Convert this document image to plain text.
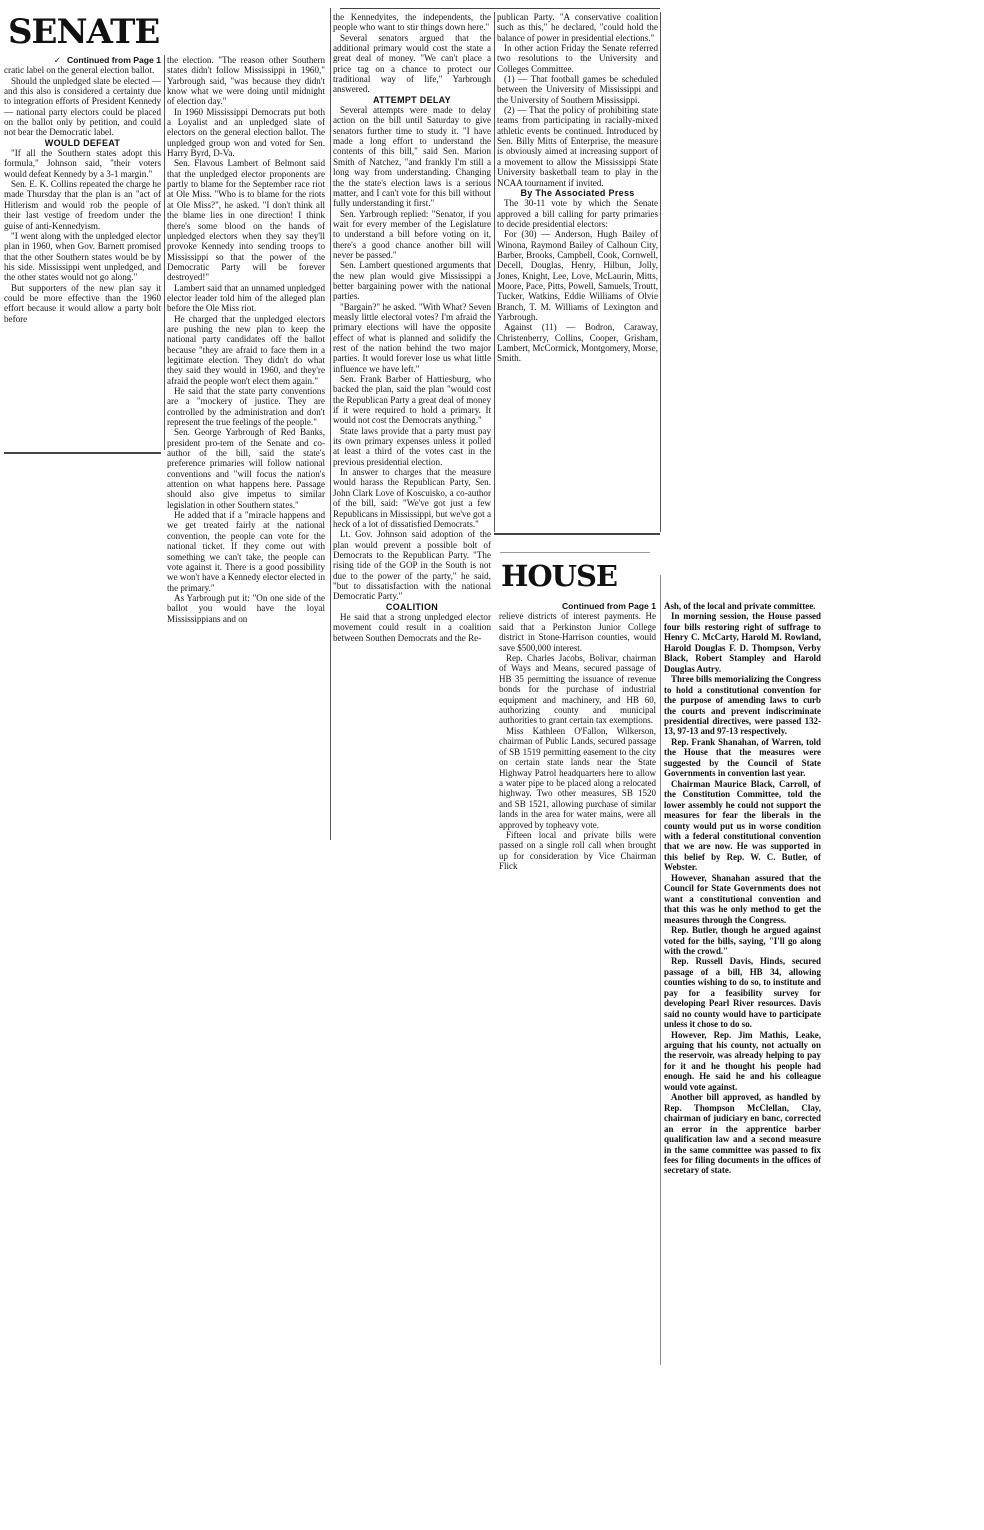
SENATE
✓ Continued from Page 1

cratic label on the general election ballot.

Should the unpledged slate be elected — and this also is considered a certainty due to integration efforts of President Kennedy — national party electors could be placed on the ballot only by petition, and could not bear the Democratic label.

WOULD DEFEAT

"If all the Southern states adopt this formula," Johnson said, "their voters would defeat Kennedy by a 3-1 margin."

Sen. E. K. Collins repeated the charge he made Thursday that the plan is an "act of Hitlerism and would rob the people of their last vestige of freedom under the guise of anti-Kennedyism.

"I went along with the unpledged elector plan in 1960, when Gov. Barnett promised that the other Southern states would be by his side. Mississippi went unpledged, and the other states would not go along."

But supporters of the new plan say it could be more effective than the 1960 effort because it would allow a party bolt before

the election. "The reason other Southern states didn't follow Mississippi in 1960," Yarbrough said, "was because they didn't know what we were doing until midnight of election day."

In 1960 Mississippi Democrats put both a Loyalist and an unpledged slate of electors on the general election ballot. The unpledged group won and voted for Sen. Harry Byrd, D-Va.

Sen. Flavous Lambert of Belmont said that the unpledged elector proponents are partly to blame for the September race riot at Ole Miss. "Who is to blame for the riots at Ole Miss?", he asked. "I don't think all the blame lies in one direction! I think there's some blood on the hands of unpledged electors when they say they'll provoke Kennedy into sending troops to Mississippi so that the power of the Democratic Party will be forever destroyed!"

Lambert said that an unnamed unpledged elector leader told him of the alleged plan before the Ole Miss riot.

He charged that the unpledged electors are pushing the new plan to keep the national party candidates off the ballot because "they are afraid to face them in a legitimate election. They didn't do what they said they would in 1960, and they're afraid the people won't elect them again."

He said that the state party conventions are a "mockery of justice. They are controlled by the administration and don't represent the true feelings of the people."

Sen. George Yarbrough of Red Banks, president pro-tem of the Senate and co-author of the bill, said the state's preference primaries will follow national conventions and "will focus the nation's attention on what happens here. Passage should also give impetus to similar legislation in other Southern states."

He added that if a "miracle happens and we get treated fairly at the national convention, the people can vote for the national ticket. If they come out with something we can't take, the people can vote against it. There is a good possibility we won't have a Kennedy elector elected in the primary."

As Yarbrough put it: "On one side of the ballot you would have the loyal Mississippians and on

the Kennedyites, the independents, the people who want to stir things down here."

Several senators argued that the additional primary would cost the state a great deal of money. "We can't place a price tag on a chance to protect our traditional way of life," Yarbrough answered.

ATTEMPT DELAY

Several attempts were made to delay action on the bill until Saturday to give senators further time to study it. "I have made a long effort to understand the contents of this bill," said Sen. Marion Smith of Natchez, "and frankly I'm still a long way from understanding. Changing the the state's election laws is a serious matter, and I can't vote for this bill without fully understanding it first."

Sen. Yarbrough replied: "Senator, if you wait for every member of the Legislature to understand a bill before voting on it, there's a good chance another bill will never be passed."

Sen. Lambert questioned arguments that the new plan would give Mississippi a better bargaining power with the national parties.

"Bargain?" he asked. "With What? Seven measly little electoral votes? I'm afraid the primary elections will have the opposite effect of what is planned and solidify the rest of the nation behind the two major parties. It would forever lose us what little influence we have left."

Sen. Frank Barber of Hattiesburg, who backed the plan, said the plan "would cost the Republican Party a great deal of money if it were required to hold a primary. It would not cost the Democrats anything."

State laws provide that a party must pay its own primary expenses unless it polled at least a third of the votes cast in the previous presidential election.

In answer to charges that the measure would harass the Republican Party, Sen. John Clark Love of Koscuisko, a co-author of the bill, said: "We've got just a few Republicans in Mississippi, but we've got a heck of a lot of dissatisfied Democrats."

Lt. Gov. Johnson said adoption of the plan would prevent a possible bolt of Democrats to the Republican Party. "The rising tide of the GOP in the South is not due to the power of the party," he said, "but to dissatisfaction with the national Democratic Party."

COALITION

He said that a strong unpledged elector movement could result in a coalition between Southen Democrats and the Re-

publican Party. "A conservative coalition such as this," he declared, "could hold the balance of power in presidential elections."

In other action Friday the Senate referred two resolutions to the University and Colleges Committee.

(1) — That football games be scheduled between the University of Mississippi and the University of Southern Mississippi.

(2) — That the policy of prohibiting state teams from participating in racially-mixed athletic events be continued. Introduced by Sen. Billy Mitts of Enterprise, the measure is obviously aimed at increasing support of a movement to allow the Mississippi State University basketball team to play in the NCAA tournament if invited.

By The Associated Press

The 30-11 vote by which the Senate approved a bill calling for party primaries to decide presidential electors:

For (30) — Anderson, Hugh Bailey of Winona, Raymond Bailey of Calhoun City, Barber, Brooks, Campbell, Cook, Cornwell, Decell, Douglas, Henry, Hilbun, Jolly, Jones, Knight, Lee, Love, McLaurin, Mitts, Moore, Pace, Pitts, Powell, Samuels, Troutt, Tucker, Watkins, Eddie Williams of Olvie Branch, T. M. Williams of Lexington and Yarbrough.

Against (11) — Bodron, Caraway, Christenberry, Collins, Cooper, Grisham, Lambert, McCormick, Montgomery, Morse, Smith.

HOUSE
Continued from Page 1

relieve districts of interest payments. He said that a Perkinston Junior College district in Stone-Harrison counties, would save $500,000 interest.

Rep. Charles Jacobs, Bolivar, chairman of Ways and Means, secured passage of HB 35 permitting the issuance of revenue bonds for the purchase of industrial equipment and machinery, and HB 60, authorizing county and municipal authorities to grant certain tax exemptions.

Miss Kathleen O'Fallon, Wilkerson, chairman of Public Lands, secured passage of SB 1519 permitting easement to the city on certain state lands near the State Highway Patrol headquarters here to allow a water pipe to be placed along a relocated highway. Two other measures, SB 1520 and SB 1521, allowing purchase of similar lands in the area for water mains, were all approved by topheavy vote.

Fifteen local and private bills were passed on a single roll call when brought up for consideration by Vice Chairman Flick

Ash, of the local and private committee.

In morning session, the House passed four bills restoring right of suffrage to Henry C. McCarty, Harold M. Rowland, Harold Douglas F. D. Thompson, Verby Black, Robert Stampley and Harold Douglas Autry.

Three bills memorializing the Congress to hold a constitutional convention for the purpose of amending laws to curb the courts and prevent indiscriminate presidential directives, were passed 132-13, 97-13 and 97-13 respectively.

Rep. Frank Shanahan, of Warren, told the House that the measures were suggested by the Council of State Governments in convention last year.

Chairman Maurice Black, Carroll, of the Constitution Committee, told the lower assembly he could not support the measures for fear the liberals in the county would put us in worse condition with a federal constitutional convention that we are now. He was supported in this belief by Rep. W. C. Butler, of Webster.

However, Shanahan assured that the Council for State Governments does not want a constitutional convention and that this was he only method to get the measures through the Congress.

Rep. Butler, though he argued against voted for the bills, saying, "I'll go along with the crowd."

Rep. Russell Davis, Hinds, secured passage of a bill, HB 34, allowing counties wishing to do so, to institute and pay for a feasibility survey for developing Pearl River resources. Davis said no county would have to participate unless it chose to do so.

However, Rep. Jim Mathis, Leake, arguing that his county, not actually on the reservoir, was already helping to pay for it and he thought his people had enough. He said he and his colleague would vote against.

Another bill approved, as handled by Rep. Thompson McClellan, Clay, chairman of judiciary en banc, corrected an error in the apprentice barber qualification law and a second measure in the same committee was passed to fix fees for filing documents in the offices of secretary of state.
